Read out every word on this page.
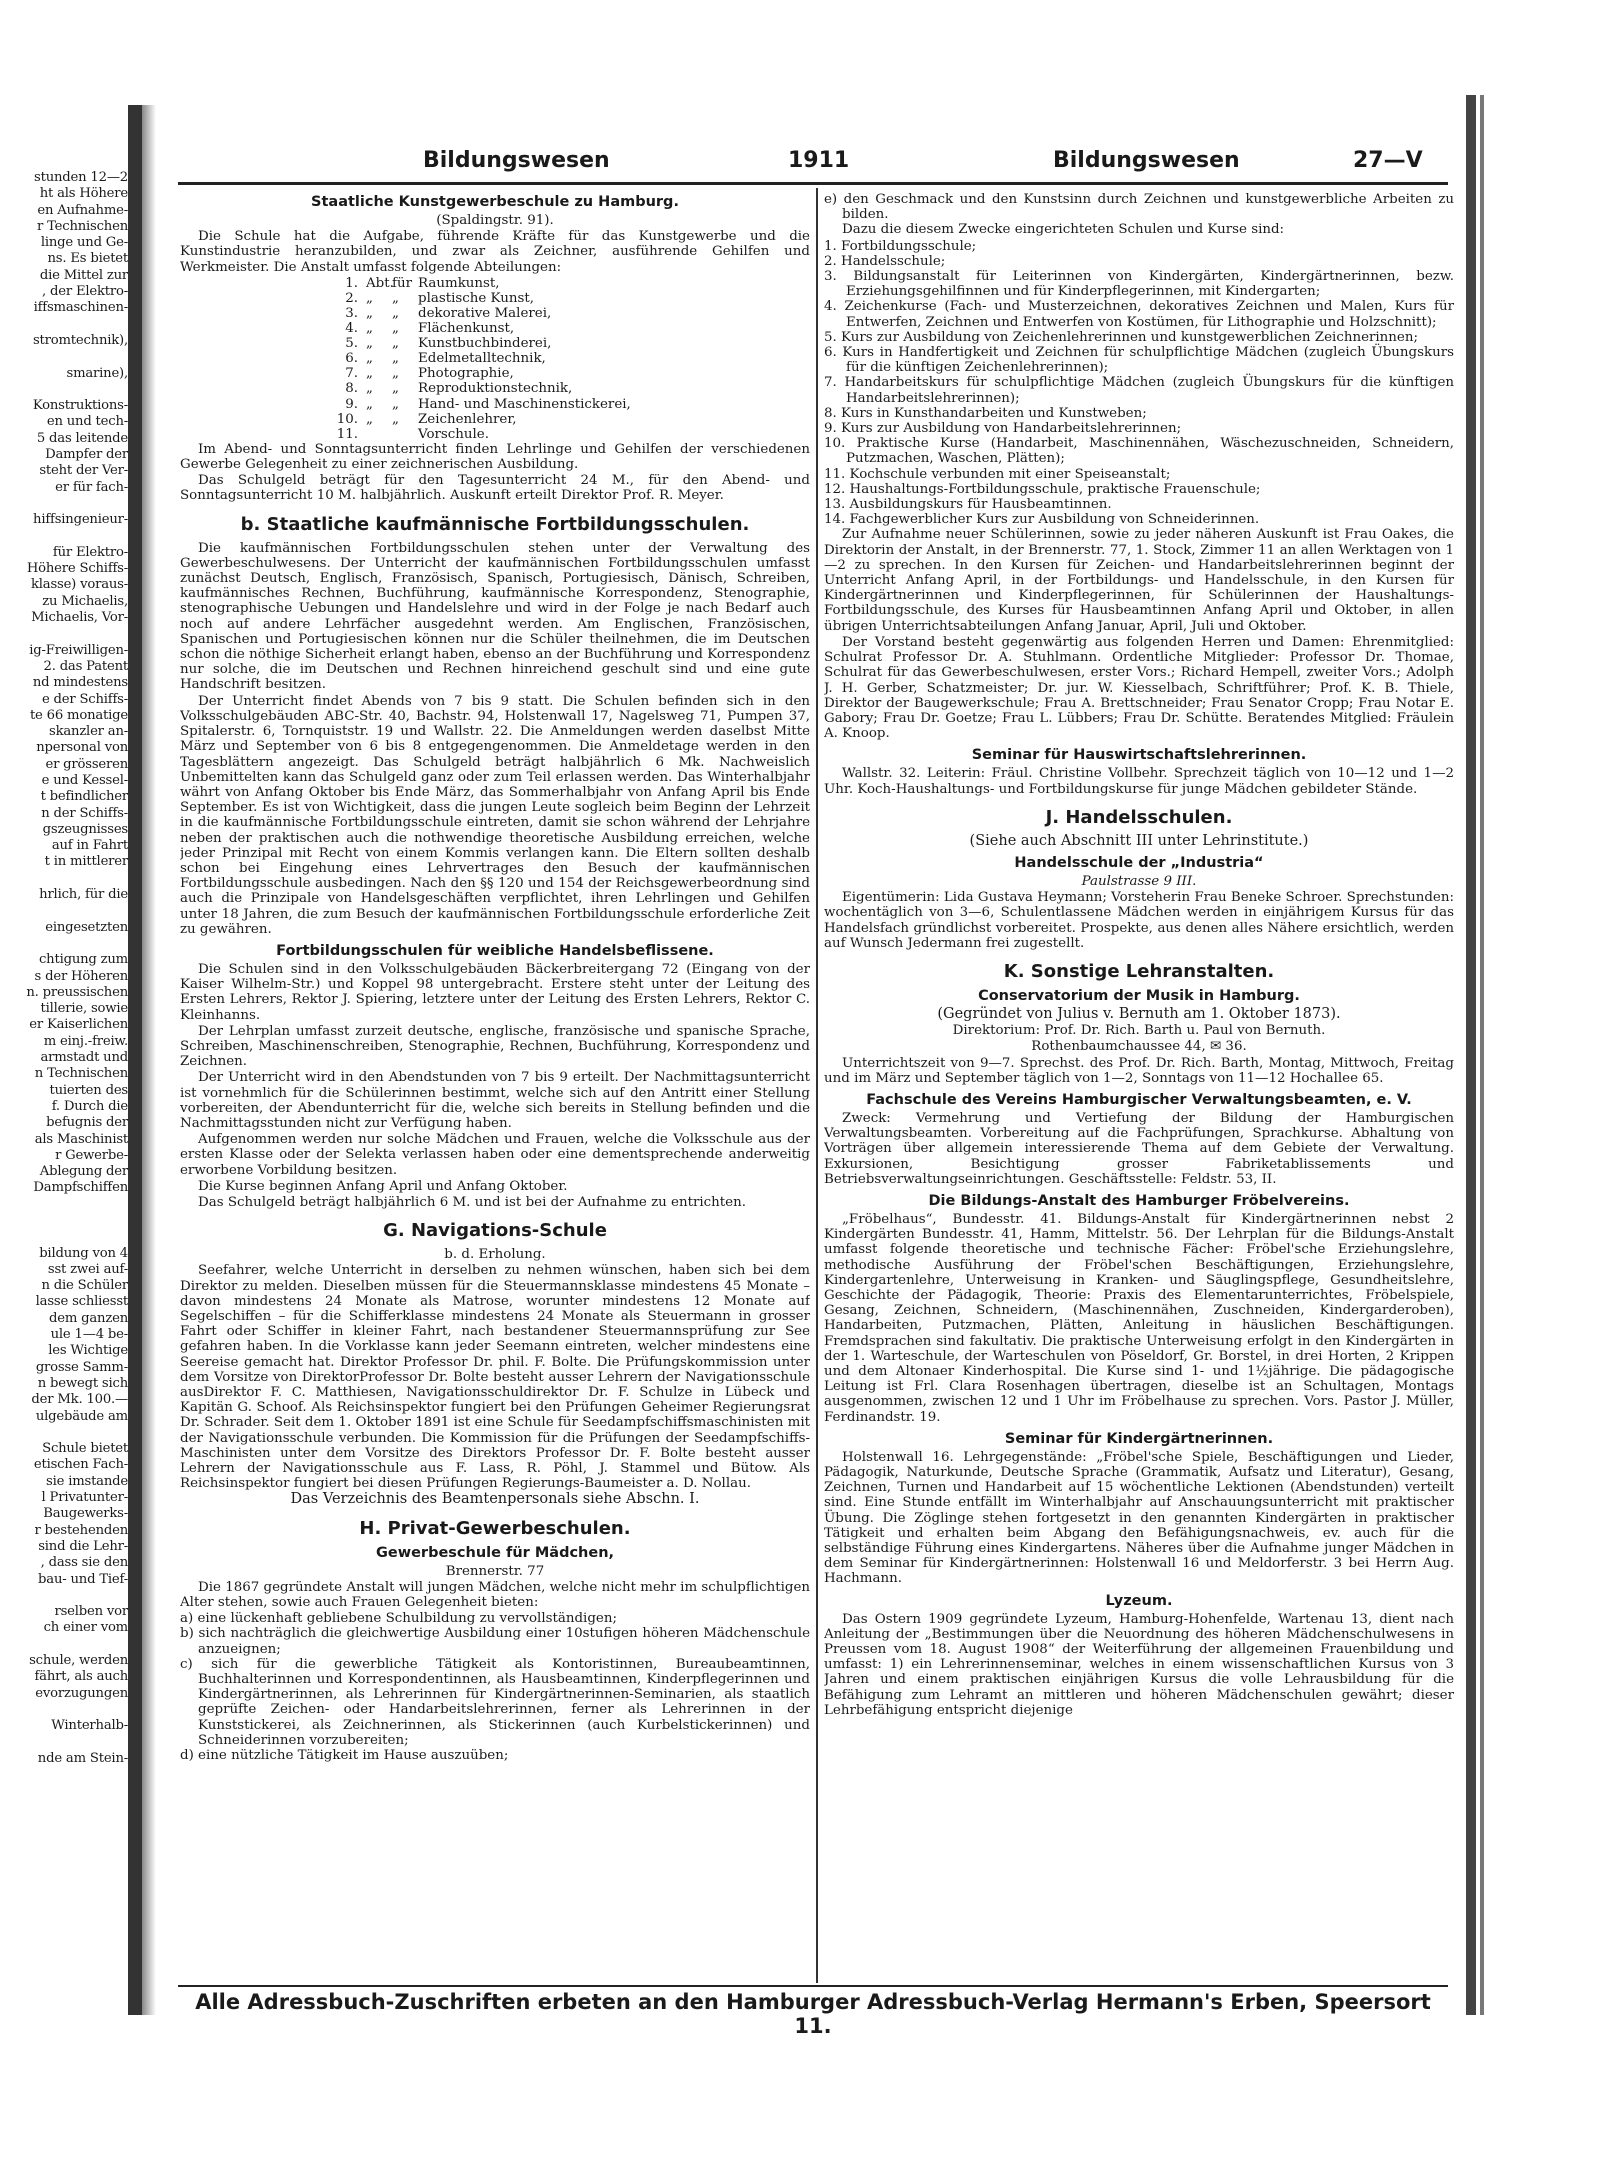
stunden 12—2
ht als Höhere
en Aufnahme-
r Technischen
linge und Ge-
ns. Es bietet
die Mittel zur
, der Elektro-
iffsmaschinen-

stromtechnik),

smarine),

Konstruktions-
en und tech-
5 das leitende
Dampfer der
steht der Ver-
er für fach-

hiffsingenieur-

für Elektro-
Höhere Schiffs-
klasse) voraus-
zu Michaelis,
Michaelis, Vor-

ig-Freiwilligen-
2. das Patent
nd mindestens
e der Schiffs-
te 66 monatige
skanzler an-
npersonal von
er grösseren
e und Kessel-
t befindlicher
n der Schiffs-
gszeugnisses
auf in Fahrt
t in mittlerer

hrlich, für die

eingesetzten

chtigung zum
s der Höheren
n. preussischen
tillerie, sowie
er Kaiserlichen
m einj.-freiw.
armstadt und
n Technischen
tuierten des
f. Durch die
befugnis der
als Maschinist
r Gewerbe-
Ablegung der
Dampfschiffen

bildung von 4
sst zwei auf-
n die Schüler
lasse schliesst
dem ganzen
ule 1—4 be-
les Wichtige
grosse Samm-
n bewegt sich
der Mk. 100.—
ulgebäude am

Schule bietet
etischen Fach-
sie imstande
l Privatunter-
Baugewerks-
r bestehenden
sind die Lehr-
, dass sie den
bau- und Tief-

rselben vor
ch einer vom

schule, werden
fährt, als auch
evorzugungen

Winterhalb-

nde am Stein-
Bildungswesen	1911	Bildungswesen	27—V
Staatliche Kunstgewerbeschule zu Hamburg.

(Spaldingstr. 91).

Die Schule hat die Aufgabe, führende Kräfte für das Kunstgewerbe und die Kunstindustrie heranzubilden, und zwar als Zeichner, ausführende Gehilfen und Werkmeister. Die Anstalt umfasst folgende Abteilungen:

1. Abt.für Raumkunst,
2. „ „ plastische Kunst,
3. „ „ dekorative Malerei,
4. „ „ Flächenkunst,
5. „ „ Kunstbuchbinderei,
6. „ „ Edelmetalltechnik,
7. „ „ Photographie,
8. „ „ Reproduktionstechnik,
9. „ „ Hand- und Maschinenstickerei,
10. „ „ Zeichenlehrer,
11.	Vorschule.

Im Abend- und Sonntagsunterricht finden Lehrlinge und Gehilfen der verschiedenen Gewerbe Gelegenheit zu einer zeichnerischen Ausbildung.

Das Schulgeld beträgt für den Tagesunterricht 24 M., für den Abend- und Sonntagsunterricht 10 M. halbjährlich. Auskunft erteilt Direktor Prof. R. Meyer.

b. Staatliche kaufmännische Fortbildungsschulen.

Die kaufmännischen Fortbildungsschulen stehen unter der Verwaltung des Gewerbeschulwesens. Der Unterricht der kaufmännischen Fortbildungsschulen umfasst zunächst Deutsch, Englisch, Französisch, Spanisch, Portugiesisch, Dänisch, Schreiben, kaufmännisches Rechnen, Buchführung, kaufmännische Korrespondenz, Stenographie, stenographische Uebungen und Handelslehre und wird in der Folge je nach Bedarf auch noch auf andere Lehrfächer ausgedehnt werden. Am Englischen, Französischen, Spanischen und Portugiesischen können nur die Schüler theilnehmen, die im Deutschen schon die nöthige Sicherheit erlangt haben, ebenso an der Buchführung und Korrespondenz nur solche, die im Deutschen und Rechnen hinreichend geschult sind und eine gute Handschrift besitzen.

Der Unterricht findet Abends von 7 bis 9 statt. Die Schulen befinden sich in den Volksschulgebäuden ABC-Str. 40, Bachstr. 94, Holstenwall 17, Nagelsweg 71, Pumpen 37, Spitalerstr. 6, Tornquiststr. 19 und Wallstr. 22. Die Anmeldungen werden daselbst Mitte März und September von 6 bis 8 entgegengenommen. Die Anmeldetage werden in den Tagesblättern angezeigt. Das Schulgeld beträgt halbjährlich 6 Mk. Nachweislich Unbemittelten kann das Schulgeld ganz oder zum Teil erlassen werden. Das Winterhalbjahr währt von Anfang Oktober bis Ende März, das Sommerhalbjahr von Anfang April bis Ende September. Es ist von Wichtigkeit, dass die jungen Leute sogleich beim Beginn der Lehrzeit in die kaufmännische Fortbildungsschule eintreten, damit sie schon während der Lehrjahre neben der praktischen auch die nothwendige theoretische Ausbildung erreichen, welche jeder Prinzipal mit Recht von einem Kommis verlangen kann. Die Eltern sollten deshalb schon bei Eingehung eines Lehrvertrages den Besuch der kaufmännischen Fortbildungsschule ausbedingen. Nach den §§ 120 und 154 der Reichsgewerbeordnung sind auch die Prinzipale von Handelsgeschäften verpflichtet, ihren Lehrlingen und Gehilfen unter 18 Jahren, die zum Besuch der kaufmännischen Fortbildungsschule erforderliche Zeit zu gewähren.

Fortbildungsschulen für weibliche Handelsbeflissene.

Die Schulen sind in den Volksschulgebäuden Bäckerbreitergang 72 (Eingang von der Kaiser Wilhelm-Str.) und Koppel 98 untergebracht. Erstere steht unter der Leitung des Ersten Lehrers, Rektor J. Spiering, letztere unter der Leitung des Ersten Lehrers, Rektor C. Kleinhanns.

Der Lehrplan umfasst zurzeit deutsche, englische, französische und spanische Sprache, Schreiben, Maschinenschreiben, Stenographie, Rechnen, Buchführung, Korrespondenz und Zeichnen.

Der Unterricht wird in den Abendstunden von 7 bis 9 erteilt. Der Nachmittagsunterricht ist vornehmlich für die Schülerinnen bestimmt, welche sich auf den Antritt einer Stellung vorbereiten, der Abendunterricht für die, welche sich bereits in Stellung befinden und die Nachmittagsstunden nicht zur Verfügung haben.

Aufgenommen werden nur solche Mädchen und Frauen, welche die Volksschule aus der ersten Klasse oder der Selekta verlassen haben oder eine dementsprechende anderweitig erworbene Vorbildung besitzen.

Die Kurse beginnen Anfang April und Anfang Oktober.

Das Schulgeld beträgt halbjährlich 6 M. und ist bei der Aufnahme zu entrichten.

G. Navigations-Schule

b. d. Erholung.

Seefahrer, welche Unterricht in derselben zu nehmen wünschen, haben sich bei dem Direktor zu melden. Dieselben müssen für die Steuermannsklasse mindestens 45 Monate – davon mindestens 24 Monate als Matrose, worunter mindestens 12 Monate auf Segelschiffen – für die Schifferklasse mindestens 24 Monate als Steuermann in grosser Fahrt oder Schiffer in kleiner Fahrt, nach bestandener Steuermannsprüfung zur See gefahren haben. In die Vorklasse kann jeder Seemann eintreten, welcher mindestens eine Seereise gemacht hat. Direktor Professor Dr. phil. F. Bolte. Die Prüfungskommission unter dem Vorsitze von DirektorProfessor Dr. Bolte besteht ausser Lehrern der Navigationsschule ausDirektor F. C. Matthiesen, Navigationsschuldirektor Dr. F. Schulze in Lübeck und Kapitän G. Schoof. Als Reichsinspektor fungiert bei den Prüfungen Geheimer Regierungsrat Dr. Schrader. Seit dem 1. Oktober 1891 ist eine Schule für Seedampfschiffsmaschinisten mit der Navigationsschule verbunden. Die Kommission für die Prüfungen der Seedampfschiffs-Maschinisten unter dem Vorsitze des Direktors Professor Dr. F. Bolte besteht ausser Lehrern der Navigationsschule aus F. Lass, R. Pöhl, J. Stammel und Bütow. Als Reichsinspektor fungiert bei diesen Prüfungen Regierungs-Baumeister a. D. Nollau.

Das Verzeichnis des Beamtenpersonals siehe Abschn. I.

H. Privat-Gewerbeschulen.
Gewerbeschule für Mädchen,

Brennerstr. 77

Die 1867 gegründete Anstalt will jungen Mädchen, welche nicht mehr im schulpflichtigen Alter stehen, sowie auch Frauen Gelegenheit bieten:

a) eine lückenhaft gebliebene Schulbildung zu vervollständigen;
b) sich nachträglich die gleichwertige Ausbildung einer 10stufigen höheren Mädchenschule anzueignen;
c) sich für die gewerbliche Tätigkeit als Kontoristinnen, Bureaubeamtinnen, Buchhalterinnen und Korrespondentinnen, als Hausbeamtinnen, Kinderpflegerinnen und Kindergärtnerinnen, als Lehrerinnen für Kindergärtnerinnen-Seminarien, als staatlich geprüfte Zeichen- oder Handarbeitslehrerinnen, ferner als Lehrerinnen in der Kunststickerei, als Zeichnerinnen, als Stickerinnen (auch Kurbelstickerinnen) und Schneiderinnen vorzubereiten;
d) eine nützliche Tätigkeit im Hause auszuüben;
e) den Geschmack und den Kunstsinn durch Zeichnen und kunstgewerbliche Arbeiten zu bilden.

Dazu die diesem Zwecke eingerichteten Schulen und Kurse sind:

1. Fortbildungsschule;
2. Handelsschule;
3. Bildungsanstalt für Leiterinnen von Kindergärten, Kindergärtnerinnen, bezw. Erziehungsgehilfinnen und für Kinderpflegerinnen, mit Kindergarten;
4. Zeichenkurse (Fach- und Musterzeichnen, dekoratives Zeichnen und Malen, Kurs für Entwerfen, Zeichnen und Entwerfen von Kostümen, für Lithographie und Holzschnitt);
5. Kurs zur Ausbildung von Zeichenlehrerinnen und kunstgewerblichen Zeichnerinnen;
6. Kurs in Handfertigkeit und Zeichnen für schulpflichtige Mädchen (zugleich Übungskurs für die künftigen Zeichenlehrerinnen);
7. Handarbeitskurs für schulpflichtige Mädchen (zugleich Übungskurs für die künftigen Handarbeitslehrerinnen);
8. Kurs in Kunsthandarbeiten und Kunstweben;
9. Kurs zur Ausbildung von Handarbeitslehrerinnen;
10. Praktische Kurse (Handarbeit, Maschinennähen, Wäschezuschneiden, Schneidern, Putzmachen, Waschen, Plätten);
11. Kochschule verbunden mit einer Speiseanstalt;
12. Haushaltungs-Fortbildungsschule, praktische Frauenschule;
13. Ausbildungskurs für Hausbeamtinnen.
14. Fachgewerblicher Kurs zur Ausbildung von Schneiderinnen.

Zur Aufnahme neuer Schülerinnen, sowie zu jeder näheren Auskunft ist Frau Oakes, die Direktorin der Anstalt, in der Brennerstr. 77, 1. Stock, Zimmer 11 an allen Werktagen von 1—2 zu sprechen. In den Kursen für Zeichen- und Handarbeitslehrerinnen beginnt der Unterricht Anfang April, in der Fortbildungs- und Handelsschule, in den Kursen für Kindergärtnerinnen und Kinderpflegerinnen, für Schülerinnen der Haushaltungs-Fortbildungsschule, des Kurses für Hausbeamtinnen Anfang April und Oktober, in allen übrigen Unterrichtsabteilungen Anfang Januar, April, Juli und Oktober.

Der Vorstand besteht gegenwärtig aus folgenden Herren und Damen: Ehrenmitglied: Schulrat Professor Dr. A. Stuhlmann. Ordentliche Mitglieder: Professor Dr. Thomae, Schulrat für das Gewerbeschulwesen, erster Vors.; Richard Hempell, zweiter Vors.; Adolph J. H. Gerber, Schatzmeister; Dr. jur. W. Kiesselbach, Schriftführer; Prof. K. B. Thiele, Direktor der Baugewerkschule; Frau A. Brettschneider; Frau Senator Cropp; Frau Notar E. Gabory; Frau Dr. Goetze; Frau L. Lübbers; Frau Dr. Schütte. Beratendes Mitglied: Fräulein A. Knoop.

Seminar für Hauswirtschaftslehrerinnen.

Wallstr. 32. Leiterin: Fräul. Christine Vollbehr. Sprechzeit täglich von 10—12 und 1—2 Uhr. Koch-Haushaltungs- und Fortbildungskurse für junge Mädchen gebildeter Stände.

J. Handelsschulen.

(Siehe auch Abschnitt III unter Lehrinstitute.)

Handelsschule der „Industria“

Paulstrasse 9 III.

Eigentümerin: Lida Gustava Heymann; Vorsteherin Frau Beneke Schroer. Sprechstunden: wochentäglich von 3—6, Schulentlassene Mädchen werden in einjährigem Kursus für das Handelsfach gründlichst vorbereitet. Prospekte, aus denen alles Nähere ersichtlich, werden auf Wunsch Jedermann frei zugestellt.

K. Sonstige Lehranstalten.
Conservatorium der Musik in Hamburg.

(Gegründet von Julius v. Bernuth am 1. Oktober 1873).

Direktorium: Prof. Dr. Rich. Barth u. Paul von Bernuth.

Rothenbaumchaussee 44, ✉ 36.

Unterrichtszeit von 9—7. Sprechst. des Prof. Dr. Rich. Barth, Montag, Mittwoch, Freitag und im März und September täglich von 1—2, Sonntags von 11—12 Hochallee 65.

Fachschule des Vereins Hamburgischer Verwaltungsbeamten, e. V.

Zweck: Vermehrung und Vertiefung der Bildung der Hamburgischen Verwaltungsbeamten. Vorbereitung auf die Fachprüfungen, Sprachkurse. Abhaltung von Vorträgen über allgemein interessierende Thema auf dem Gebiete der Verwaltung. Exkursionen, Besichtigung grosser Fabriketablissements und Betriebsverwaltungseinrichtungen. Geschäftsstelle: Feldstr. 53, II.

Die Bildungs-Anstalt des Hamburger Fröbelvereins.

„Fröbelhaus“, Bundesstr. 41. Bildungs-Anstalt für Kindergärtnerinnen nebst 2 Kindergärten Bundesstr. 41, Hamm, Mittelstr. 56. Der Lehrplan für die Bildungs-Anstalt umfasst folgende theoretische und technische Fächer: Fröbel'sche Erziehungslehre, methodische Ausführung der Fröbel'schen Beschäftigungen, Erziehungslehre, Kindergartenlehre, Unterweisung in Kranken- und Säuglingspflege, Gesundheitslehre, Geschichte der Pädagogik, Theorie: Praxis des Elementarunterrichtes, Fröbelspiele, Gesang, Zeichnen, Schneidern, (Maschinennähen, Zuschneiden, Kindergarderoben), Handarbeiten, Putzmachen, Plätten, Anleitung in häuslichen Beschäftigungen. Fremdsprachen sind fakultativ. Die praktische Unterweisung erfolgt in den Kindergärten in der 1. Warteschule, der Warteschulen von Pöseldorf, Gr. Borstel, in drei Horten, 2 Krippen und dem Altonaer Kinderhospital. Die Kurse sind 1- und 1½jährige. Die pädagogische Leitung ist Frl. Clara Rosenhagen übertragen, dieselbe ist an Schultagen, Montags ausgenommen, zwischen 12 und 1 Uhr im Fröbelhause zu sprechen. Vors. Pastor J. Müller, Ferdinandstr. 19.

Seminar für Kindergärtnerinnen.

Holstenwall 16. Lehrgegenstände: „Fröbel'sche Spiele, Beschäftigungen und Lieder, Pädagogik, Naturkunde, Deutsche Sprache (Grammatik, Aufsatz und Literatur), Gesang, Zeichnen, Turnen und Handarbeit auf 15 wöchentliche Lektionen (Abendstunden) verteilt sind. Eine Stunde entfällt im Winterhalbjahr auf Anschauungsunterricht mit praktischer Übung. Die Zöglinge stehen fortgesetzt in den genannten Kindergärten in praktischer Tätigkeit und erhalten beim Abgang den Befähigungsnachweis, ev. auch für die selbständige Führung eines Kindergartens. Näheres über die Aufnahme junger Mädchen in dem Seminar für Kindergärtnerinnen: Holstenwall 16 und Meldorferstr. 3 bei Herrn Aug. Hachmann.

Lyzeum.

Das Ostern 1909 gegründete Lyzeum, Hamburg-Hohenfelde, Wartenau 13, dient nach Anleitung der „Bestimmungen über die Neuordnung des höheren Mädchenschulwesens in Preussen vom 18. August 1908“ der Weiterführung der allgemeinen Frauenbildung und umfasst: 1) ein Lehrerinnenseminar, welches in einem wissenschaftlichen Kursus von 3 Jahren und einem praktischen einjährigen Kursus die volle Lehrausbildung für die Befähigung zum Lehramt an mittleren und höheren Mädchenschulen gewährt; dieser Lehrbefähigung entspricht diejenige

Alle Adressbuch-Zuschriften erbeten an den Hamburger Adressbuch-Verlag Hermann's Erben, Speersort 11.
